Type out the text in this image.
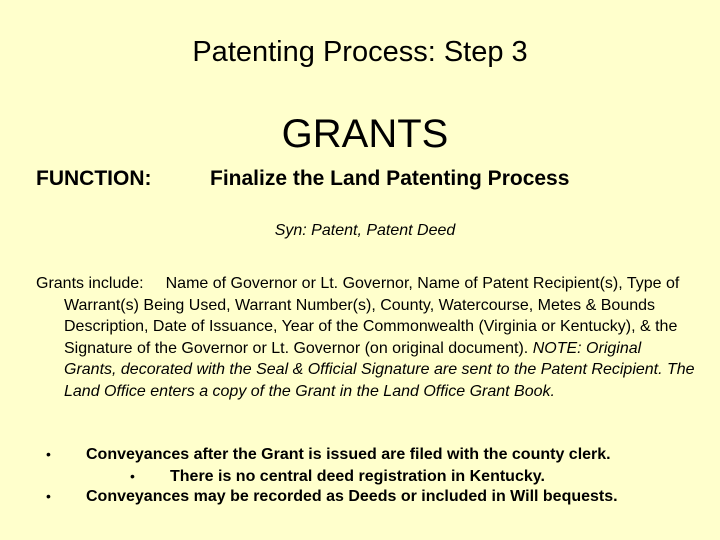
Patenting Process: Step 3
GRANTS
FUNCTION:	Finalize the Land Patenting Process
Syn: Patent, Patent Deed
Grants include: Name of Governor or Lt. Governor, Name of Patent Recipient(s), Type of Warrant(s) Being Used, Warrant Number(s), County, Watercourse, Metes & Bounds Description, Date of Issuance, Year of the Commonwealth (Virginia or Kentucky), & the Signature of the Governor or Lt. Governor (on original document). NOTE: Original Grants, decorated with the Seal & Official Signature are sent to the Patent Recipient. The Land Office enters a copy of the Grant in the Land Office Grant Book.
• Conveyances after the Grant is issued are filed with the county clerk.
• There is no central deed registration in Kentucky.
• Conveyances may be recorded as Deeds or included in Will bequests.
